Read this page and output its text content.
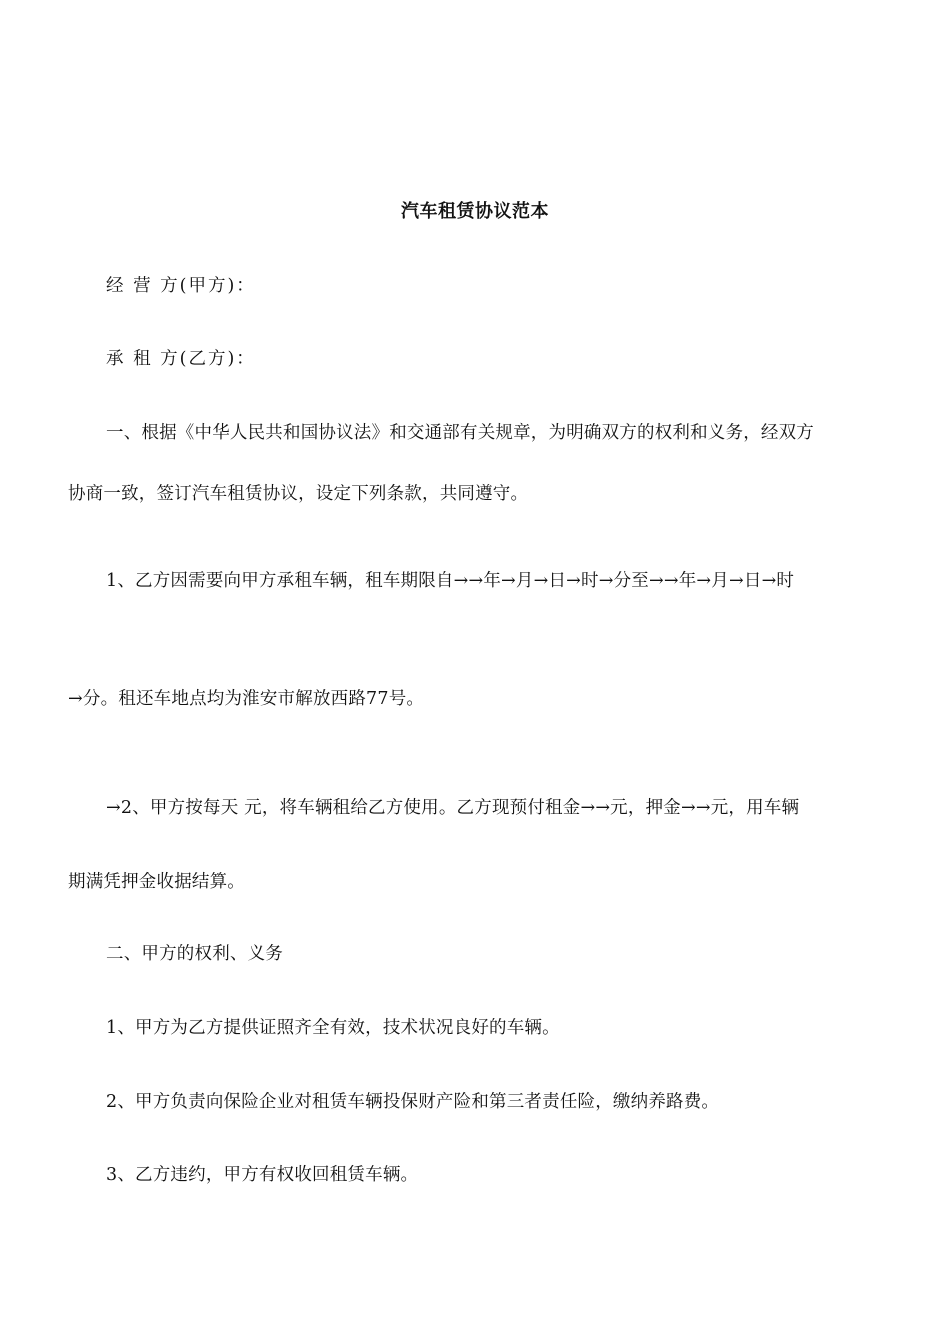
汽车租赁协议范本
经 营 方(甲方)：
承 租 方(乙方)：
一、根据《中华人民共和国协议法》和交通部有关规章，为明确双方的权利和义务，经双方
协商一致，签订汽车租赁协议，设定下列条款，共同遵守。
1、乙方因需要向甲方承租车辆，租车期限自→→年→月→日→时→分至→→年→月→日→时
→分。租还车地点均为淮安市解放西路77号。
→2、甲方按每天 元，将车辆租给乙方使用。乙方现预付租金→→元，押金→→元，用车辆
期满凭押金收据结算。
二、甲方的权利、义务
1、甲方为乙方提供证照齐全有效，技术状况良好的车辆。
2、甲方负责向保险企业对租赁车辆投保财产险和第三者责任险，缴纳养路费。
3、乙方违约，甲方有权收回租赁车辆。
